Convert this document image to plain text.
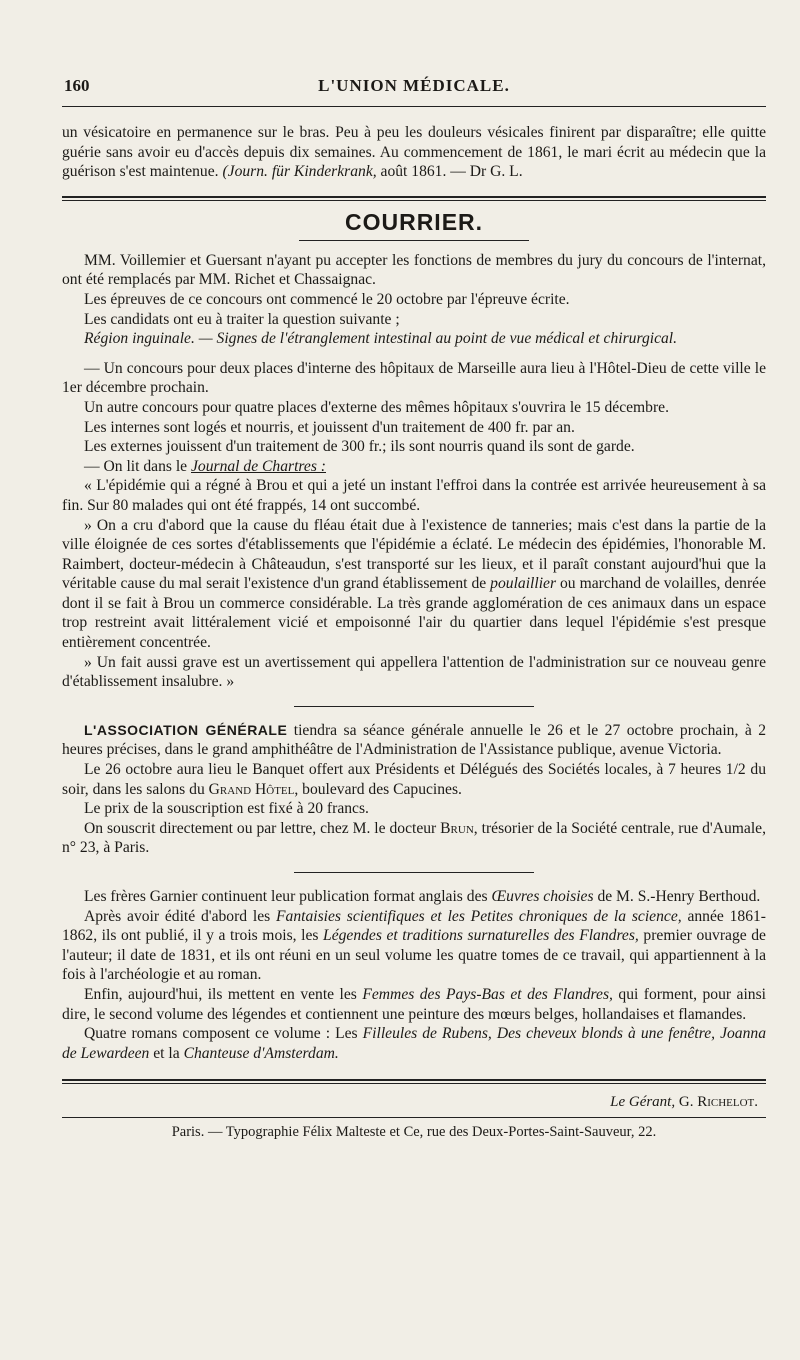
160	L'UNION MÉDICALE.

un vésicatoire en permanence sur le bras. Peu à peu les douleurs vésicales finirent par disparaître; elle quitte guérie sans avoir eu d'accès depuis dix semaines. Au commencement de 1861, le mari écrit au médecin que la guérison s'est maintenue. (Journ. für Kinderkrank, août 1861. — Dr G. L.

COURRIER.

MM. Voillemier et Guersant n'ayant pu accepter les fonctions de membres du jury du concours de l'internat, ont été remplacés par MM. Richet et Chassaignac.

Les épreuves de ce concours ont commencé le 20 octobre par l'épreuve écrite.

Les candidats ont eu à traiter la question suivante ;

Région inguinale. — Signes de l'étranglement intestinal au point de vue médical et chirurgical.

— Un concours pour deux places d'interne des hôpitaux de Marseille aura lieu à l'Hôtel-Dieu de cette ville le 1er décembre prochain.

Un autre concours pour quatre places d'externe des mêmes hôpitaux s'ouvrira le 15 décembre.

Les internes sont logés et nourris, et jouissent d'un traitement de 400 fr. par an.

Les externes jouissent d'un traitement de 300 fr.; ils sont nourris quand ils sont de garde.

— On lit dans le Journal de Chartres :

« L'épidémie qui a régné à Brou et qui a jeté un instant l'effroi dans la contrée est arrivée heureusement à sa fin. Sur 80 malades qui ont été frappés, 14 ont succombé.

» On a cru d'abord que la cause du fléau était due à l'existence de tanneries; mais c'est dans la partie de la ville éloignée de ces sortes d'établissements que l'épidémie a éclaté. Le médecin des épidémies, l'honorable M. Raimbert, docteur-médecin à Châteaudun, s'est transporté sur les lieux, et il paraît constant aujourd'hui que la véritable cause du mal serait l'existence d'un grand établissement de poulaillier ou marchand de volailles, denrée dont il se fait à Brou un commerce considérable. La très grande agglomération de ces animaux dans un espace trop restreint avait littéralement vicié et empoisonné l'air du quartier dans lequel l'épidémie s'est presque entièrement concentrée.

» Un fait aussi grave est un avertissement qui appellera l'attention de l'administration sur ce nouveau genre d'établissement insalubre. »

L'ASSOCIATION GÉNÉRALE tiendra sa séance générale annuelle le 26 et le 27 octobre prochain, à 2 heures précises, dans le grand amphithéâtre de l'Administration de l'Assistance publique, avenue Victoria.

Le 26 octobre aura lieu le Banquet offert aux Présidents et Délégués des Sociétés locales, à 7 heures 1/2 du soir, dans les salons du Grand Hôtel, boulevard des Capucines.

Le prix de la souscription est fixé à 20 francs.

On souscrit directement ou par lettre, chez M. le docteur Brun, trésorier de la Société centrale, rue d'Aumale, n° 23, à Paris.

Les frères Garnier continuent leur publication format anglais des Œuvres choisies de M. S.-Henry Berthoud.

Après avoir édité d'abord les Fantaisies scientifiques et les Petites chroniques de la science, année 1861-1862, ils ont publié, il y a trois mois, les Légendes et traditions surnaturelles des Flandres, premier ouvrage de l'auteur; il date de 1831, et ils ont réuni en un seul volume les quatre tomes de ce travail, qui appartiennent à la fois à l'archéologie et au roman.

Enfin, aujourd'hui, ils mettent en vente les Femmes des Pays-Bas et des Flandres, qui forment, pour ainsi dire, le second volume des légendes et contiennent une peinture des mœurs belges, hollandaises et flamandes.

Quatre romans composent ce volume : Les Filleules de Rubens, Des cheveux blonds à une fenêtre, Joanna de Lewardeen et la Chanteuse d'Amsterdam.

Le Gérant, G. Richelot.
Paris. — Typographie Félix Malteste et Ce, rue des Deux-Portes-Saint-Sauveur, 22.
